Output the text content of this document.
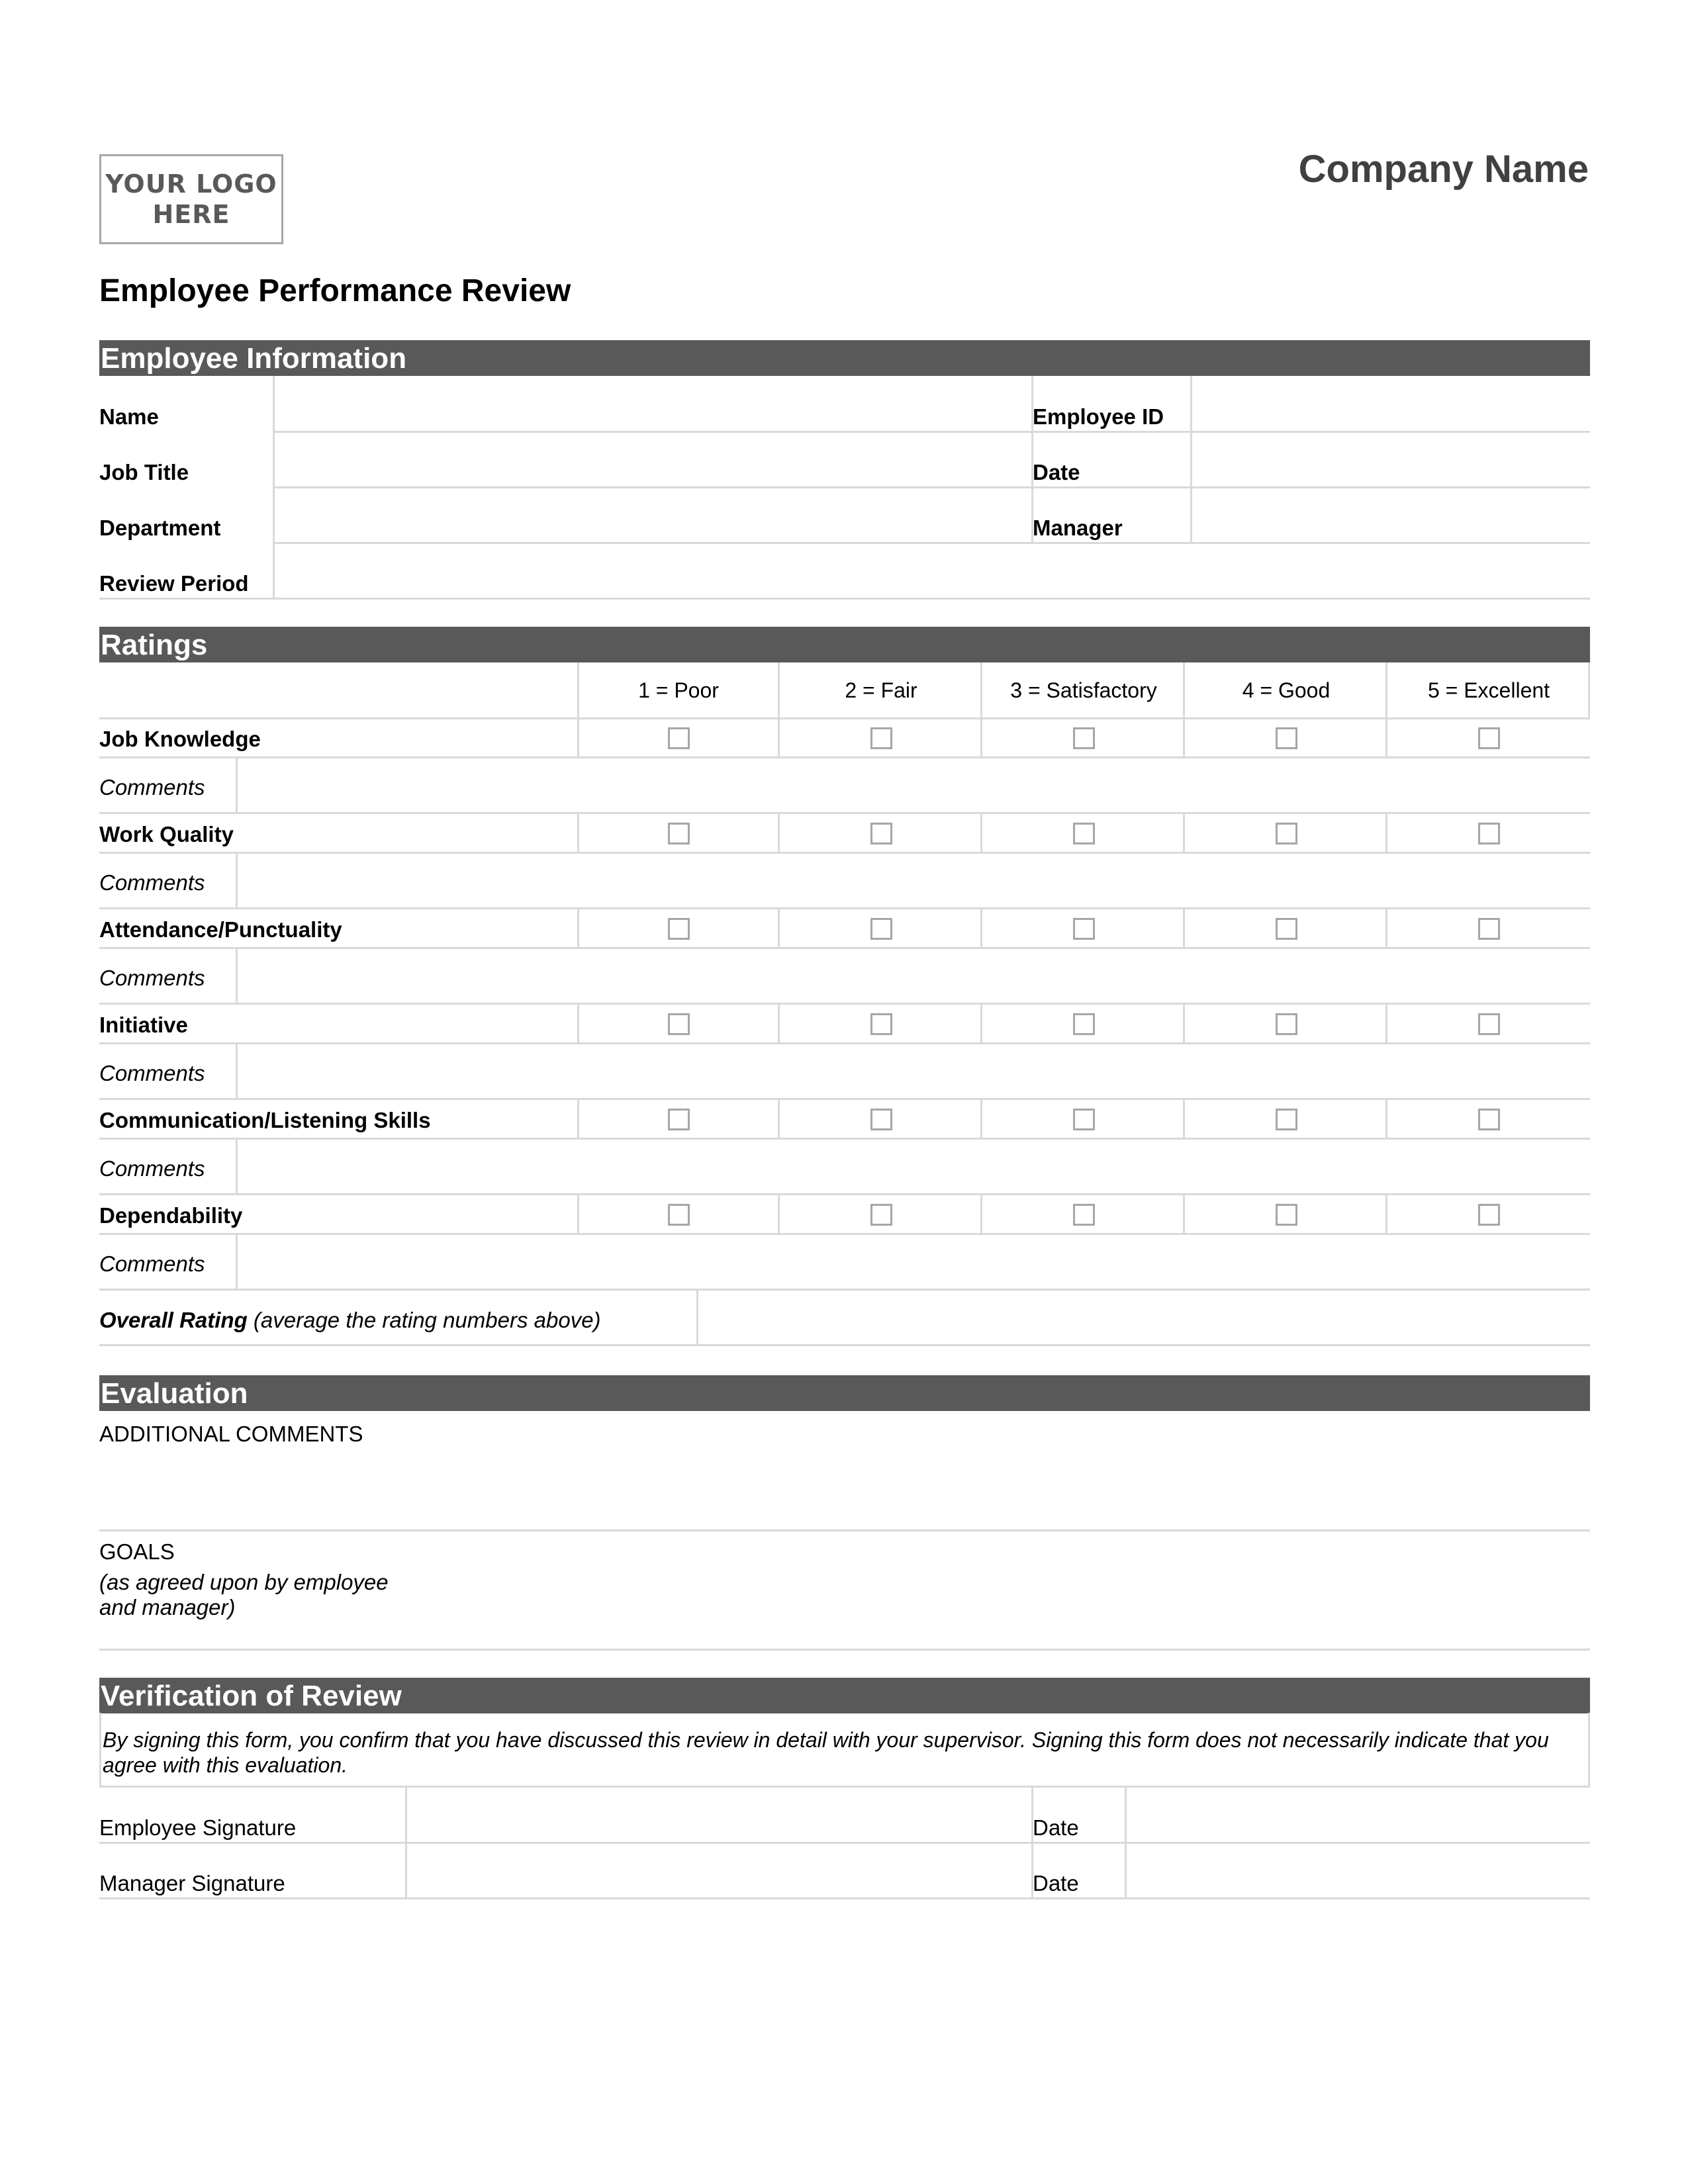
YOUR LOGO
HERE
Company Name
Employee Performance Review
Employee Information
Name	Employee ID
Job Title	Date
Department	Manager
Review Period
Ratings
1 = Poor	2 = Fair	3 = Satisfactory	4 = Good	5 = Excellent
Job Knowledge
Comments
Work Quality
Comments
Attendance/Punctuality
Comments
Initiative
Comments
Communication/Listening Skills
Comments
Dependability
Comments
Overall Rating (average the rating numbers above)
Evaluation
ADDITIONAL COMMENTS
GOALS
(as agreed upon by employee
and manager)
Verification of Review
By signing this form, you confirm that you have discussed this review in detail with your supervisor. Signing this form does not necessarily indicate that you agree with this evaluation.
Employee Signature	Date
Manager Signature	Date
